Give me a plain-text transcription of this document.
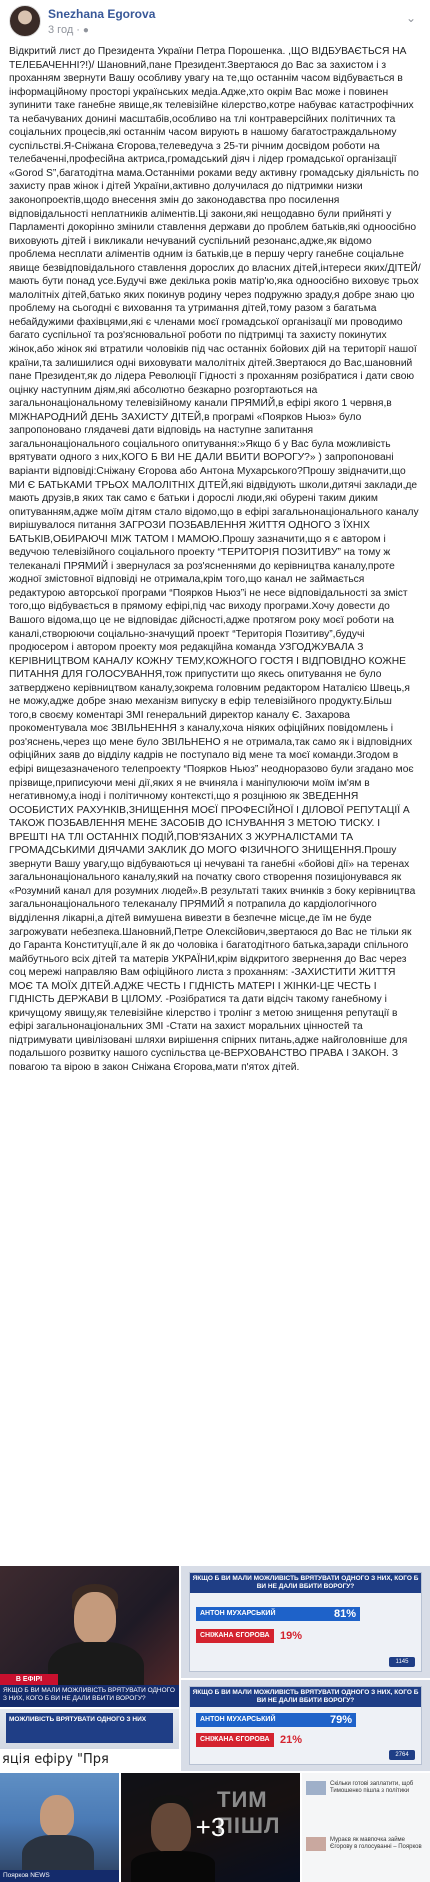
Snezhana Egorova
3 год · ●
⌄
Відкритий лист до Президента України Петра Порошенка. ,ЩО ВІДБУВАЄТЬСЯ НА ТЕЛЕБАЧЕННІ?!)/ Шановний,пане Президент.Звертаюся до Вас за захистом і з проханням звернути Вашу особливу увагу на те,що останнім часом відбувається в інформаційному просторі українських медіа.Адже,хто окрім Вас може і повинен зупинити таке ганебне явище,як телевізійне кілерство,котре набуває катастрофічних та небачуваних донині масштабів,особливо на тлі контраверсійних політичних та соціальних процесів,які останнім часом вирують в нашому багатостраждальному суспільстві.Я-Сніжана Єгорова,телеведуча з 25-ти річним досвідом роботи на телебаченні,професійна актриса,громадський діяч і лідер громадської організації «Gorod S”,багатодітна мама.Останніми роками веду активну громадську діяльність по захисту прав жінок і дітей України,активно долучилася до підтримки низки законопроектів,щодо внесення змін до законодавства про посилення відповідальності неплатників аліментів.Ці закони,які нещодавно були прийняті у Парламенті докорінно змінили ставлення держави до проблем батьків,які одноосібно виховують дітей і викликали нечуваний суспільний резонанс,адже,як відомо проблема несплати аліментів одним із батьків,це в першу чергу ганебне соціальне явище безвідповідального ставлення дорослих до власних дітей,інтереси яких/ДІТЕЙ/ мають бути понад усе.Будучі вже декілька років матір'ю,яка одноосібно виховує трьох малолітніх дітей,батько яких покинув родину через подружню зраду,я добре знаю цю проблему на сьогодні є виховання та утримання дітей,тому разом з багатьма небайдужими фахівцями,які є членами моєї громадської організації ми проводимо багато суспільної та роз'яснювальної роботи по підтримці та захисту покинутих жінок,або жінок які втратили чоловіків під час останніх бойових дій на території нашої країни,та залишилися одні виховувати малолітніх дітей.Звертаюся до Вас,шановний пане Президент,як до лідера Революції Гідності з проханням розібратися і дати свою оцінку наступним діям,які абсолютно безкарно розгортаються на загальнонаціональному телевізійному канали ПРЯМИЙ,в ефірі якого 1 червня,в МІЖНАРОДНИЙ ДЕНЬ ЗАХИСТУ ДІТЕЙ,в програмі «Поярков Ньюз» було запропоновано глядачеві дати відповідь на наступне запитання загальнонаціонального соціального опитування:»Якщо б у Вас була можливість врятувати одного з них,КОГО Б ВИ НЕ ДАЛИ ВБИТИ ВОРОГУ?» ) запропоновані варіанти відповіді:Сніжану Єгорова або Антона Мухарського?Прошу звідначити,що МИ Є БАТЬКАМИ ТРЬОХ МАЛОЛІТНІХ ДІТЕЙ,які відвідують школи,дитячі заклади,де мають друзів,в яких так само є батьки і дорослі люди,які обурені таким диким опитуванням,адже моїм дітям стало відомо,що в ефірі загальнонаціонального каналу вирішувалося питання ЗАГРОЗИ ПОЗБАВЛЕННЯ ЖИТТЯ ОДНОГО З ЇХНІХ БАТЬКІВ,ОБИРАЮЧІ МІЖ ТАТОМ І МАМОЮ.Прошу зазначити,що я є автором і ведучою телевізійного соціального проекту “ТЕРИТОРІЯ ПОЗИТИВУ” на тому ж телеканалі ПРЯМИЙ і звернулася за роз'ясненнями до керівництва каналу,проте жодної змістовної відповіді не отримала,крім того,що канал не займається редактурою авторської програми “Поярков Ньюз”і не несе відповідальності за зміст того,що відбувається в прямому ефірі,під час виходу програми.Хочу довести до Вашого відома,що це не відповідає дійсності,адже протягом року моєї роботи на каналі,створюючи соціально-значущий проект “Територія Позитиву”,будучі продюсером і автором проекту моя редакційна команда УЗГОДЖУВАЛА З КЕРІВНИЦТВОМ КАНАЛУ КОЖНУ ТЕМУ,КОЖНОГО ГОСТЯ І ВІДПОВІДНО КОЖНЕ ПИТАННЯ ДЛЯ ГОЛОСУВАННЯ,тож припустити що якесь опитування не було затверджено керівництвом каналу,зокрема головним редактором Наталією Швець,я не можу,адже добре знаю механізм випуску в ефір телевізійного продукту.Більш того,в своєму коментарі ЗМІ генеральний директор каналу Є. Захарова прокоментувала моє ЗВІЛЬНЕННЯ з каналу,хоча ніяких офіційних повідомлень і роз'яснень,через що мене було ЗВІЛЬНЕНО я не отримала,так само як і відповідних офіційних заяв до відділу кадрів не поступало від мене та моєї команди.Згодом в ефірі вищезазначеного телепроекту “Поярков Ньюз” неодноразово були згадано моє прізвище,приписуючи мені дії,яких я не вчиняла і маніпулюючи моїм ім'ям в негативному,а іноді і політичному контексті,що я розцінюю як ЗВЕДЕННЯ ОСОБИСТИХ РАХУНКІВ,ЗНИЩЕННЯ МОЄЇ ПРОФЕСІЙНОЇ І ДІЛОВОЇ РЕПУТАЦІЇ А ТАКОЖ ПОЗБАВЛЕННЯ МЕНЕ ЗАСОБІВ ДО ІСНУВАННЯ З МЕТОЮ ТИСКУ. І ВРЕШТІ НА ТЛІ ОСТАННІХ ПОДІЙ,ПОВ'ЯЗАНИХ З ЖУРНАЛІСТАМИ ТА ГРОМАДСЬКИМИ ДІЯЧАМИ ЗАКЛИК ДО МОГО ФІЗИЧНОГО ЗНИЩЕННЯ.Прошу звернути Вашу увагу,що відбуваються ці нечувані та ганебні «бойові дії» на теренах загальнонаціонального каналу,який на початку свого створення позиціонувався як «Розумний канал для розумних людей».В результаті таких вчинків з боку керівництва загальнонаціонального телеканалу ПРЯМИЙ я потрапила до кардіологічного відділення лікарні,а дітей вимушена вивезти в безпечне місце,де їм не буде загрожувати небезпека.Шановний,Петре Олексійович,звертаюся до Вас не тільки як до Гаранта Конституції,але й як до чоловіка і багатодітного батька,заради спільного майбутнього всіх дітей та матерів УКРАЇНИ,крім відкритого звернення до Вас через соц мережі направляю Вам офіційного листа з проханням: -ЗАХИСТИТИ ЖИТТЯ МОЄ ТА МОЇХ ДІТЕЙ.АДЖЕ ЧЕСТЬ І ГІДНІСТЬ МАТЕРІ І ЖІНКИ-ЦЕ ЧЕСТЬ І ГІДНІСТЬ ДЕРЖАВИ В ЦІЛОМУ. -Розібратися та дати відсіч такому ганебному і кричущому явищу,як телевізійне кілерство і тролінг з метою знищення репутації в ефірі загальнонаціональних ЗМІ -Стати на захист моральних цінностей та підтримувати цивілізовані шляхи вирішення спірних питань,адже найголовніше для подальшого розвитку нашого суспільства це-ВЕРХОВАНСТВО ПРАВА І ЗАКОН. З повагою та вірою в закон Сніжана Єгорова,мати п'ятох дітей.
В ЕФІРІ
ЯКЩО Б ВИ МАЛИ МОЖЛИВІСТЬ ВРЯТУВАТИ ОДНОГО З НИХ, КОГО Б ВИ НЕ ДАЛИ ВБИТИ ВОРОГУ?
ЯКЩО Б ВИ МАЛИ МОЖЛИВІСТЬ ВРЯТУВАТИ ОДНОГО З НИХ, КОГО Б ВИ НЕ ДАЛИ ВБИТИ ВОРОГУ?
АНТОН МУХАРСЬКИЙ	81%
СНІЖАНА ЄГОРОВА 19%
1145
МОЖЛИВІСТЬ ВРЯТУВАТИ ОДНОГО З НИХ
яція ефіру "Пря
ЯКЩО Б ВИ МАЛИ МОЖЛИВІСТЬ ВРЯТУВАТИ ОДНОГО З НИХ, КОГО Б ВИ НЕ ДАЛИ ВБИТИ ВОРОГУ?
АНТОН МУХАРСЬКИЙ	79%
СНІЖАНА ЄГОРОВА 21%
2764
Поярков NEWS
ТИМ ПІШЛ
+3
Скільки готові заплатити, щоб Тимошенко пішла з політики
Мураєв як мавпочка займе Єгорову в голосуванні – Поярков
